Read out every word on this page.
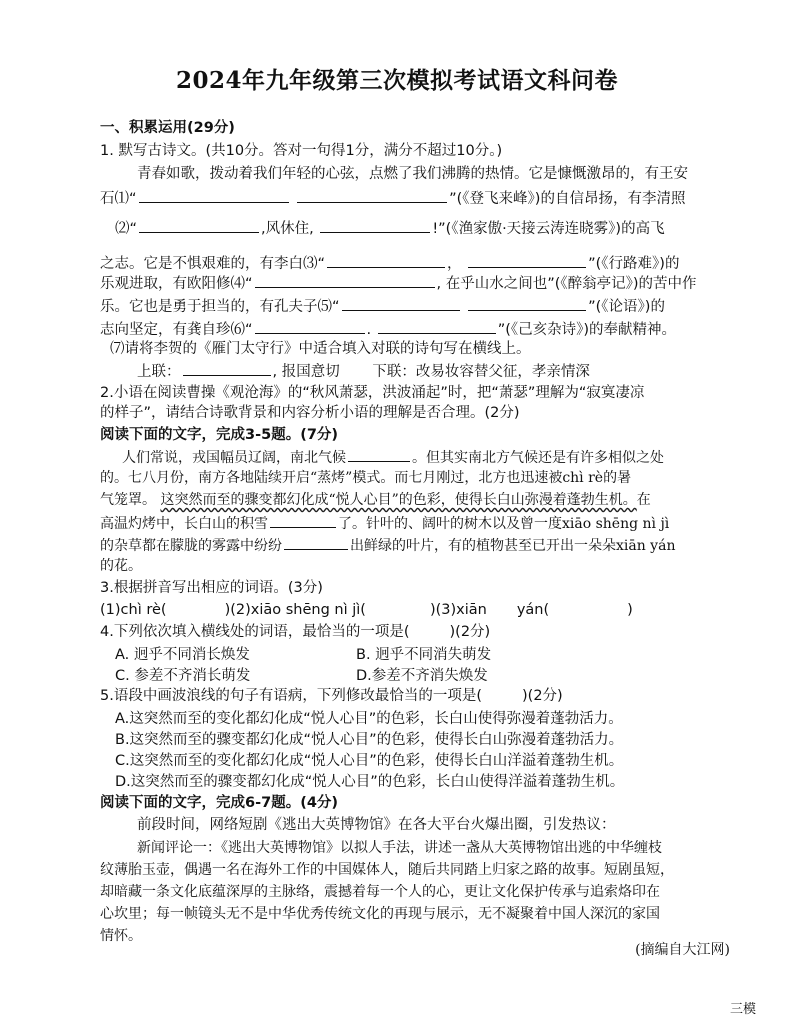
2024年九年级第三次模拟考试语文科问卷
一、积累运用(29分)
1. 默写古诗文。(共10分。答对一句得1分，满分不超过10分。)
青春如歌，拨动着我们年轻的心弦，点燃了我们沸腾的热情。它是慷慨激昂的，有王安
石⑴“	”(《登飞来峰》)的自信昂扬，有李清照
⑵“	,风休住,	!”(《渔家傲·天接云涛连晓雾》)的高飞
之志。它是不惧艰难的，有李白⑶“	，	”(《行路难》)的
乐观进取，有欧阳修⑷“	, 在乎山水之间也”(《醉翁亭记》)的苦中作
乐。它也是勇于担当的，有孔夫子⑸“	”(《论语》)的
志向坚定，有龚自珍⑹“	.	”(《己亥杂诗》)的奉献精神。
⑺请将李贺的《雁门太守行》中适合填入对联的诗句写在横线上。
上联：	, 报国意切 下联：改易妆容替父征，孝亲情深
2.小语在阅读曹操《观沧海》的“秋风萧瑟，洪波涌起”时，把“萧瑟”理解为“寂寞凄凉
的样子”，请结合诗歌背景和内容分析小语的理解是否合理。(2分)
阅读下面的文字，完成3-5题。(7分)
人们常说，戎国幅员辽阔，南北气候	。但其实南北方气候还是有许多相似之处
的。七八月份，南方各地陆续开启“蒸烤”模式。而七月刚过，北方也迅速被chì rè的暑
气笼罩。 这突然而至的骤变都幻化成“悦人心目”的色彩，使得长白山弥漫着蓬勃生机。在
高温灼烤中，长白山的积雪	了。针叶的、阔叶的树木以及曾一度xiāo shēng nì jì
的杂草都在朦胧的雾露中纷纷	出鲜绿的叶片，有的植物甚至已开出一朵朵xiān yán
的花。
3.根据拼音写出相应的词语。(3分)
(1)chì rè(	)(2)xiāo shēng nì jì(	)(3)xiān yán(	)
4.下列依次填入横线处的词语，最恰当的一项是(	)(2分)
A. 迥乎不同消长焕发	B. 迥乎不同消失萌发
C. 参差不齐消长萌发	D.参差不齐消失焕发
5.语段中画波浪线的句子有语病，下列修改最恰当的一项是(	)(2分)
A.这突然而至的变化都幻化成“悦人心目”的色彩，长白山使得弥漫着蓬勃活力。
B.这突然而至的骤变都幻化成“悦人心目”的色彩，使得长白山弥漫着蓬勃活力。
C.这突然而至的变化都幻化成“悦人心目”的色彩，使得长白山洋溢着蓬勃生机。
D.这突然而至的骤变都幻化成“悦人心目”的色彩，长白山使得洋溢着蓬勃生机。
阅读下面的文字，完成6-7题。(4分)
前段时间，网络短剧《逃出大英博物馆》在各大平台火爆出圈，引发热议：
新闻评论一：《逃出大英博物馆》以拟人手法，讲述一盏从大英博物馆出逃的中华缠枝
纹薄胎玉壶，偶遇一名在海外工作的中国媒体人，随后共同踏上归家之路的故事。短剧虽短，
却暗藏一条文化底蕴深厚的主脉络，震撼着每一个人的心，更让文化保护传承与追索烙印在
心坎里；每一帧镜头无不是中华优秀传统文化的再现与展示，无不凝聚着中国人深沉的家国
情怀。
(摘编自大江网)
三模
